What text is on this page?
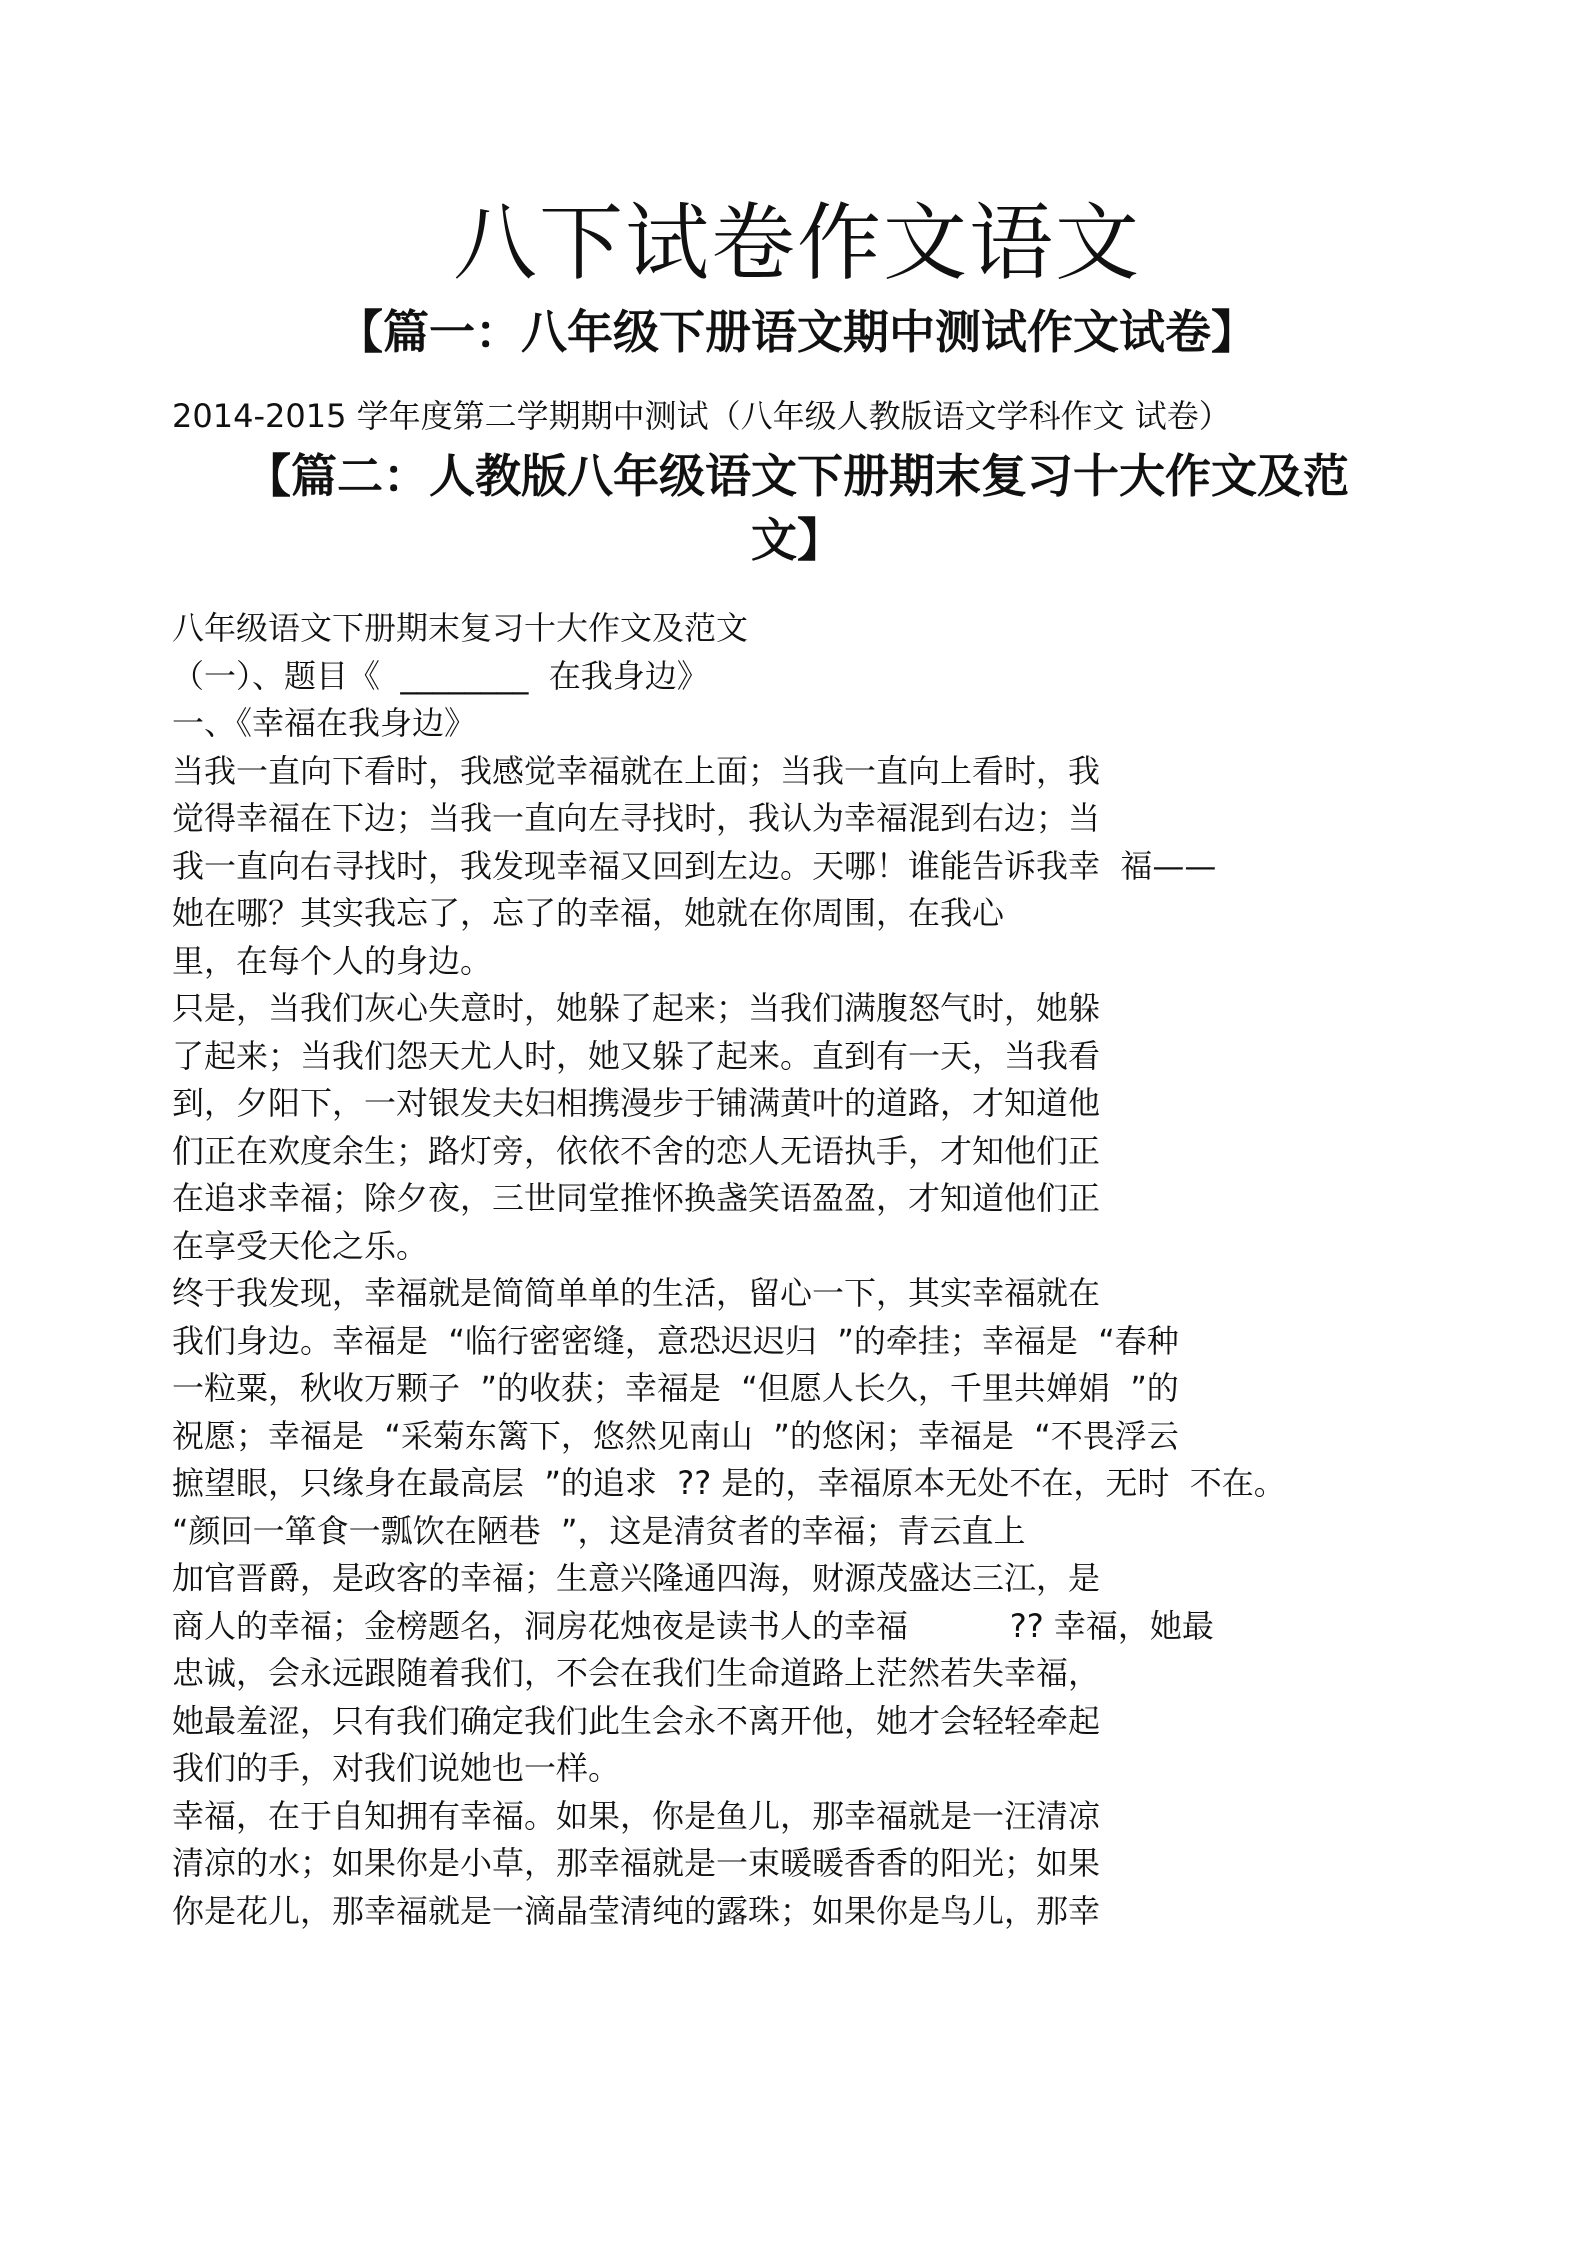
八下试卷作文语文
【篇一：八年级下册语文期中测试作文试卷】
2014-2015 学年度第二学期期中测试（八年级人教版语文学科作文 试卷）
【篇二：人教版八年级语文下册期末复习十大作文及范
文】
八年级语文下册期末复习十大作文及范文
（一）、题目《  ________  在我身边》
一、《幸福在我身边》
当我一直向下看时，我感觉幸福就在上面；当我一直向上看时，我
觉得幸福在下边；当我一直向左寻找时，我认为幸福混到右边；当
我一直向右寻找时，我发现幸福又回到左边。天哪！谁能告诉我幸  福——
她在哪？其实我忘了，忘了的幸福，她就在你周围，在我心
里，在每个人的身边。
只是，当我们灰心失意时，她躲了起来；当我们满腹怒气时，她躲
了起来；当我们怨天尤人时，她又躲了起来。直到有一天，当我看
到，夕阳下，一对银发夫妇相携漫步于铺满黄叶的道路，才知道他
们正在欢度余生；路灯旁，依依不舍的恋人无语执手，才知他们正
在追求幸福；除夕夜，三世同堂推怀换盏笑语盈盈，才知道他们正
在享受天伦之乐。
终于我发现，幸福就是简简单单的生活，留心一下，其实幸福就在
我们身边。幸福是  “临行密密缝，意恐迟迟归  ”的牵挂；幸福是  “春种
一粒粟，秋收万颗子  ”的收获；幸福是  “但愿人长久，千里共婵娟  ”的
祝愿；幸福是  “采菊东篱下，悠然见南山  ”的悠闲；幸福是  “不畏浮云
摭望眼，只缘身在最高层  ”的追求  ?? 是的，幸福原本无处不在，无时  不在。
“颜回一箪食一瓢饮在陋巷  ”，这是清贫者的幸福；青云直上
加官晋爵，是政客的幸福；生意兴隆通四海，财源茂盛达三江，是
商人的幸福；金榜题名，洞房花烛夜是读书人的幸福          ?? 幸福，她最
忠诚，会永远跟随着我们，不会在我们生命道路上茫然若失幸福，
她最羞涩，只有我们确定我们此生会永不离开他，她才会轻轻牵起
我们的手，对我们说她也一样。
幸福，在于自知拥有幸福。如果，你是鱼儿，那幸福就是一汪清凉
清凉的水；如果你是小草，那幸福就是一束暖暖香香的阳光；如果
你是花儿，那幸福就是一滴晶莹清纯的露珠；如果你是鸟儿，那幸
